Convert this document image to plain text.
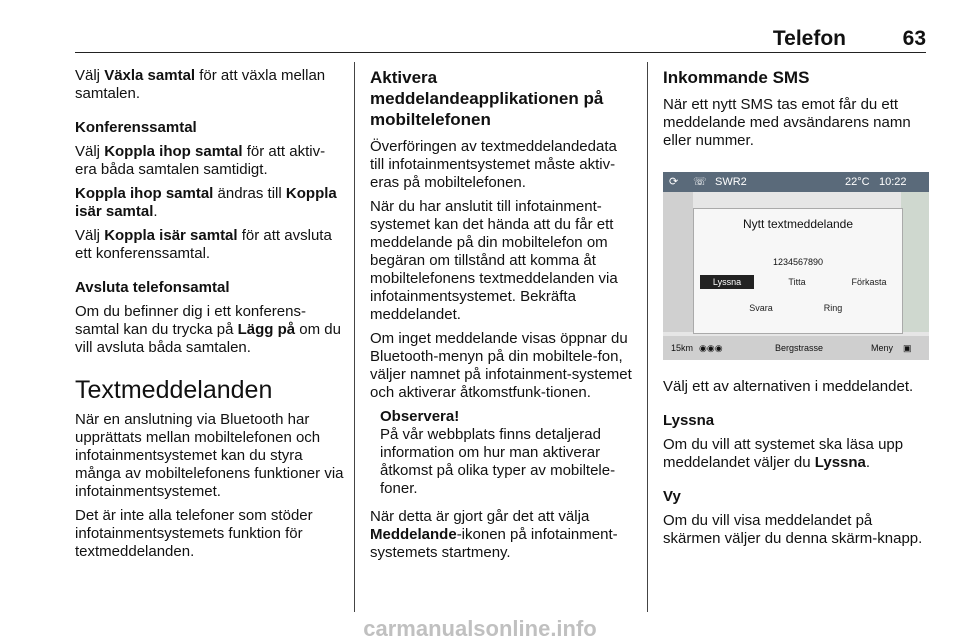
Telefon	63

Välj Växla samtal för att växla mellan samtalen.

Konferenssamtal

Välj Koppla ihop samtal för att aktiv-era båda samtalen samtidigt.

Koppla ihop samtal ändras till Koppla isär samtal.

Välj Koppla isär samtal för att avsluta ett konferenssamtal.

Avsluta telefonsamtal

Om du befinner dig i ett konferens-samtal kan du trycka på Lägg på om du vill avsluta båda samtalen.

Textmeddelanden

När en anslutning via Bluetooth har upprättats mellan mobiltelefonen och infotainmentsystemet kan du styra många av mobiltelefonens funktioner via infotainmentsystemet.

Det är inte alla telefoner som stöder infotainmentsystemets funktion för textmeddelanden.

Aktivera meddelandeapplikationen på mobiltelefonen

Överföringen av textmeddelandedata till infotainmentsystemet måste aktiv-eras på mobiltelefonen.

När du har anslutit till infotainment-systemet kan det hända att du får ett meddelande på din mobiltelefon om begäran om tillstånd att komma åt mobiltelefonens textmeddelanden via infotainmentsystemet. Bekräfta meddelandet.

Om inget meddelande visas öppnar du Bluetooth-menyn på din mobiltele-fon, väljer namnet på infotainment-systemet och aktiverar åtkomstfunk-tionen.

Observera!
På vår webbplats finns detaljerad information om hur man aktiverar åtkomst på olika typer av mobiltele-foner.

När detta är gjort går det att välja Meddelande-ikonen på infotainment-systemets startmeny.

Inkommande SMS

När ett nytt SMS tas emot får du ett meddelande med avsändarens namn eller nummer.

⟳ ☏ SWR2	22°C 10:22
Nytt textmeddelande
1234567890
Lyssna	Titta	Förkasta
Svara	Ring
15km ◉◉◉	Bergstrasse	Meny ▣

Välj ett av alternativen i meddelandet.

Lyssna

Om du vill att systemet ska läsa upp meddelandet väljer du Lyssna.

Vy

Om du vill visa meddelandet på skärmen väljer du denna skärm-knapp.

carmanualsonline.info
